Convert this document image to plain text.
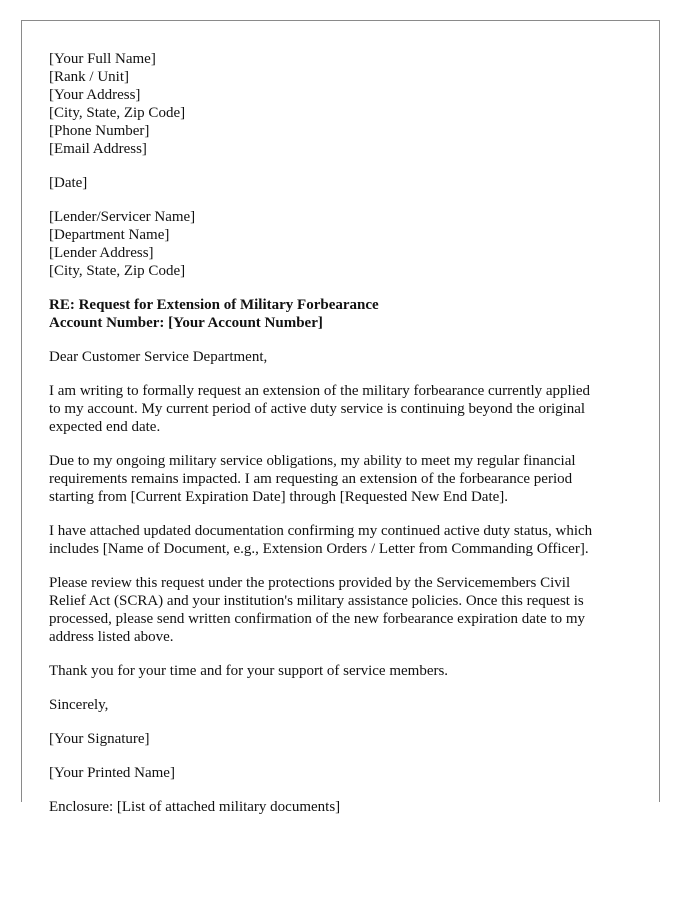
[Your Full Name]
[Rank / Unit]
[Your Address]
[City, State, Zip Code]
[Phone Number]
[Email Address]
[Date]
[Lender/Servicer Name]
[Department Name]
[Lender Address]
[City, State, Zip Code]
RE: Request for Extension of Military Forbearance
Account Number: [Your Account Number]
Dear Customer Service Department,
I am writing to formally request an extension of the military forbearance currently applied
to my account. My current period of active duty service is continuing beyond the original
expected end date.
Due to my ongoing military service obligations, my ability to meet my regular financial
requirements remains impacted. I am requesting an extension of the forbearance period
starting from [Current Expiration Date] through [Requested New End Date].
I have attached updated documentation confirming my continued active duty status, which
includes [Name of Document, e.g., Extension Orders / Letter from Commanding Officer].
Please review this request under the protections provided by the Servicemembers Civil
Relief Act (SCRA) and your institution's military assistance policies. Once this request is
processed, please send written confirmation of the new forbearance expiration date to my
address listed above.
Thank you for your time and for your support of service members.
Sincerely,
[Your Signature]
[Your Printed Name]
Enclosure: [List of attached military documents]
